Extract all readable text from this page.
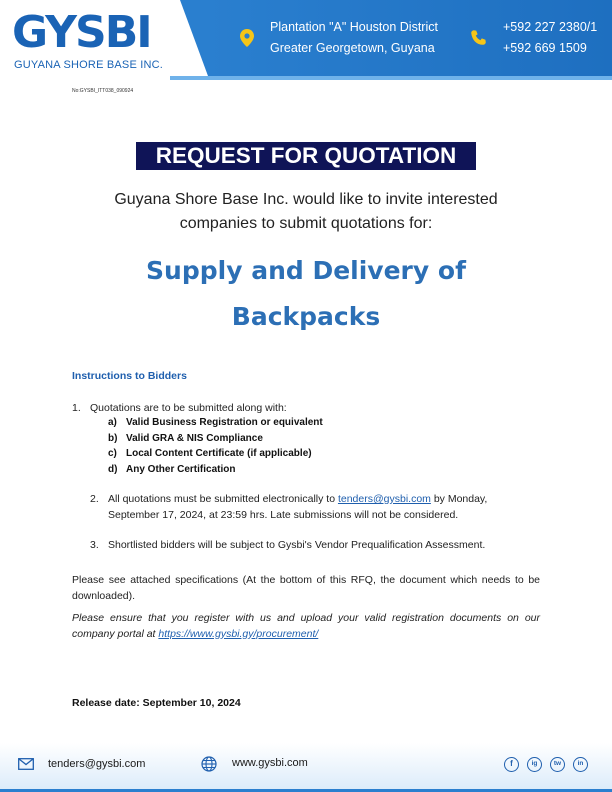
GYSBI
GUYANA SHORE BASE INC.
Plantation "A" Houston District
Greater Georgetown, Guyana
+592 227 2380/1
+592 669 1509
No:GYSBI_ITT038_090924
REQUEST FOR QUOTATION
Guyana Shore Base Inc. would like to invite interested
companies to submit quotations for:
Supply and Delivery of
Backpacks
Instructions to Bidders
1. Quotations are to be submitted along with:
a) Valid Business Registration or equivalent
b) Valid GRA & NIS Compliance
c) Local Content Certificate (if applicable)
d) Any Other Certification
2. All quotations must be submitted electronically to tenders@gysbi.com by Monday,
September 17, 2024, at 23:59 hrs. Late submissions will not be considered.
3. Shortlisted bidders will be subject to Gysbi's Vendor Prequalification Assessment.
Please see attached specifications (At the bottom of this RFQ, the document which needs to be downloaded).
Please ensure that you register with us and upload your valid registration documents on our company portal at https://www.gysbi.gy/procurement/
Release date: September 10, 2024
tenders@gysbi.com	www.gysbi.com	f	ig	tw	in
